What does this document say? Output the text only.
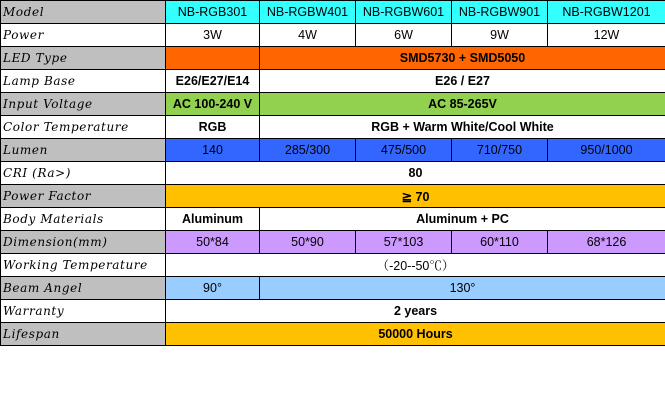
Model	NB-RGB301	NB-RGBW401	NB-RGBW601	NB-RGBW901	NB-RGBW1201
Power	3W	4W	6W	9W	12W
LED Type		SMD5730 + SMD5050			
Lamp Base	E26/E27/E14	E26 / E27			
Input Voltage	AC 100-240 V	AC 85-265V			
Color Temperature	RGB	RGB + Warm White/Cool White			
Lumen	140	285/300	475/500	710/750	950/1000
CRI (Ra>)	80				
Power Factor	≧ 70				
Body Materials	Aluminum	Aluminum + PC			
Dimension(mm)	50*84	50*90	57*103	60*110	68*126
Working Temperature	（-20--50℃）				
Beam Angel	90°	130°			
Warranty	2 years				
Lifespan	50000 Hours				
